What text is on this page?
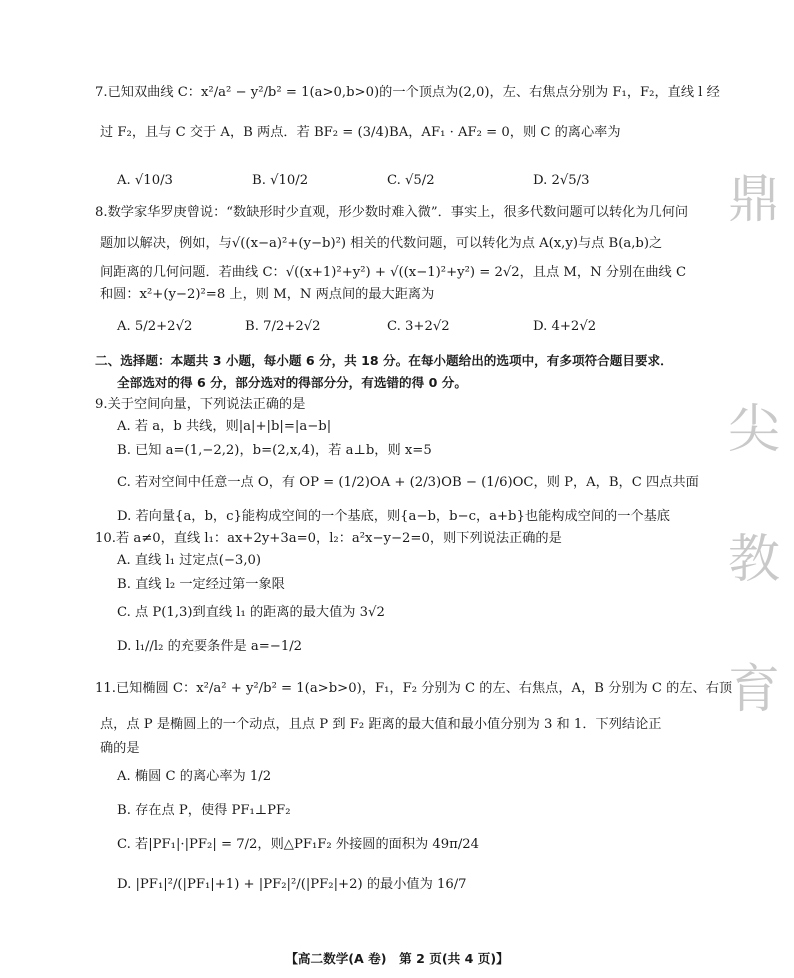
7.已知双曲线 C：x²/a² − y²/b² = 1(a>0,b>0)的一个顶点为(2,0)，左、右焦点分别为 F₁，F₂，直线 l 经
过 F₂，且与 C 交于 A，B 两点．若 BF₂ = (3/4)BA，AF₁ · AF₂ = 0，则 C 的离心率为
A. √10/3	B. √10/2	C. √5/2	D. 2√5/3
8.数学家华罗庚曾说：“数缺形时少直观，形少数时难入微”．事实上，很多代数问题可以转化为几何问
题加以解决，例如，与√((x−a)²+(y−b)²) 相关的代数问题，可以转化为点 A(x,y)与点 B(a,b)之
间距离的几何问题．若曲线 C：√((x+1)²+y²) + √((x−1)²+y²) = 2√2，且点 M，N 分别在曲线 C
和圆：x²+(y−2)²=8 上，则 M，N 两点间的最大距离为
A. 5/2+2√2	B. 7/2+2√2	C. 3+2√2	D. 4+2√2
二、选择题：本题共 3 小题，每小题 6 分，共 18 分。在每小题给出的选项中，有多项符合题目要求．
全部选对的得 6 分，部分选对的得部分分，有选错的得 0 分。
9.关于空间向量，下列说法正确的是
A. 若 a，b 共线，则|a|+|b|=|a−b|
B. 已知 a=(1,−2,2)，b=(2,x,4)，若 a⊥b，则 x=5
C. 若对空间中任意一点 O，有 OP = (1/2)OA + (2/3)OB − (1/6)OC，则 P，A，B，C 四点共面
D. 若向量{a，b，c}能构成空间的一个基底，则{a−b，b−c，a+b}也能构成空间的一个基底
10.若 a≠0，直线 l₁：ax+2y+3a=0，l₂：a²x−y−2=0，则下列说法正确的是
A. 直线 l₁ 过定点(−3,0)
B. 直线 l₂ 一定经过第一象限
C. 点 P(1,3)到直线 l₁ 的距离的最大值为 3√2
D. l₁//l₂ 的充要条件是 a=−1/2
11.已知椭圆 C：x²/a² + y²/b² = 1(a>b>0)，F₁，F₂ 分别为 C 的左、右焦点，A，B 分别为 C 的左、右顶
点，点 P 是椭圆上的一个动点，且点 P 到 F₂ 距离的最大值和最小值分别为 3 和 1．下列结论正
确的是
A. 椭圆 C 的离心率为 1/2
B. 存在点 P，使得 PF₁⊥PF₂
C. 若|PF₁|·|PF₂| = 7/2，则△PF₁F₂ 外接圆的面积为 49π/24
D. |PF₁|²/(|PF₁|+1) + |PF₂|²/(|PF₂|+2) 的最小值为 16/7
鼎
尖
教
育
【高二数学(A 卷)　第 2 页(共 4 页)】
